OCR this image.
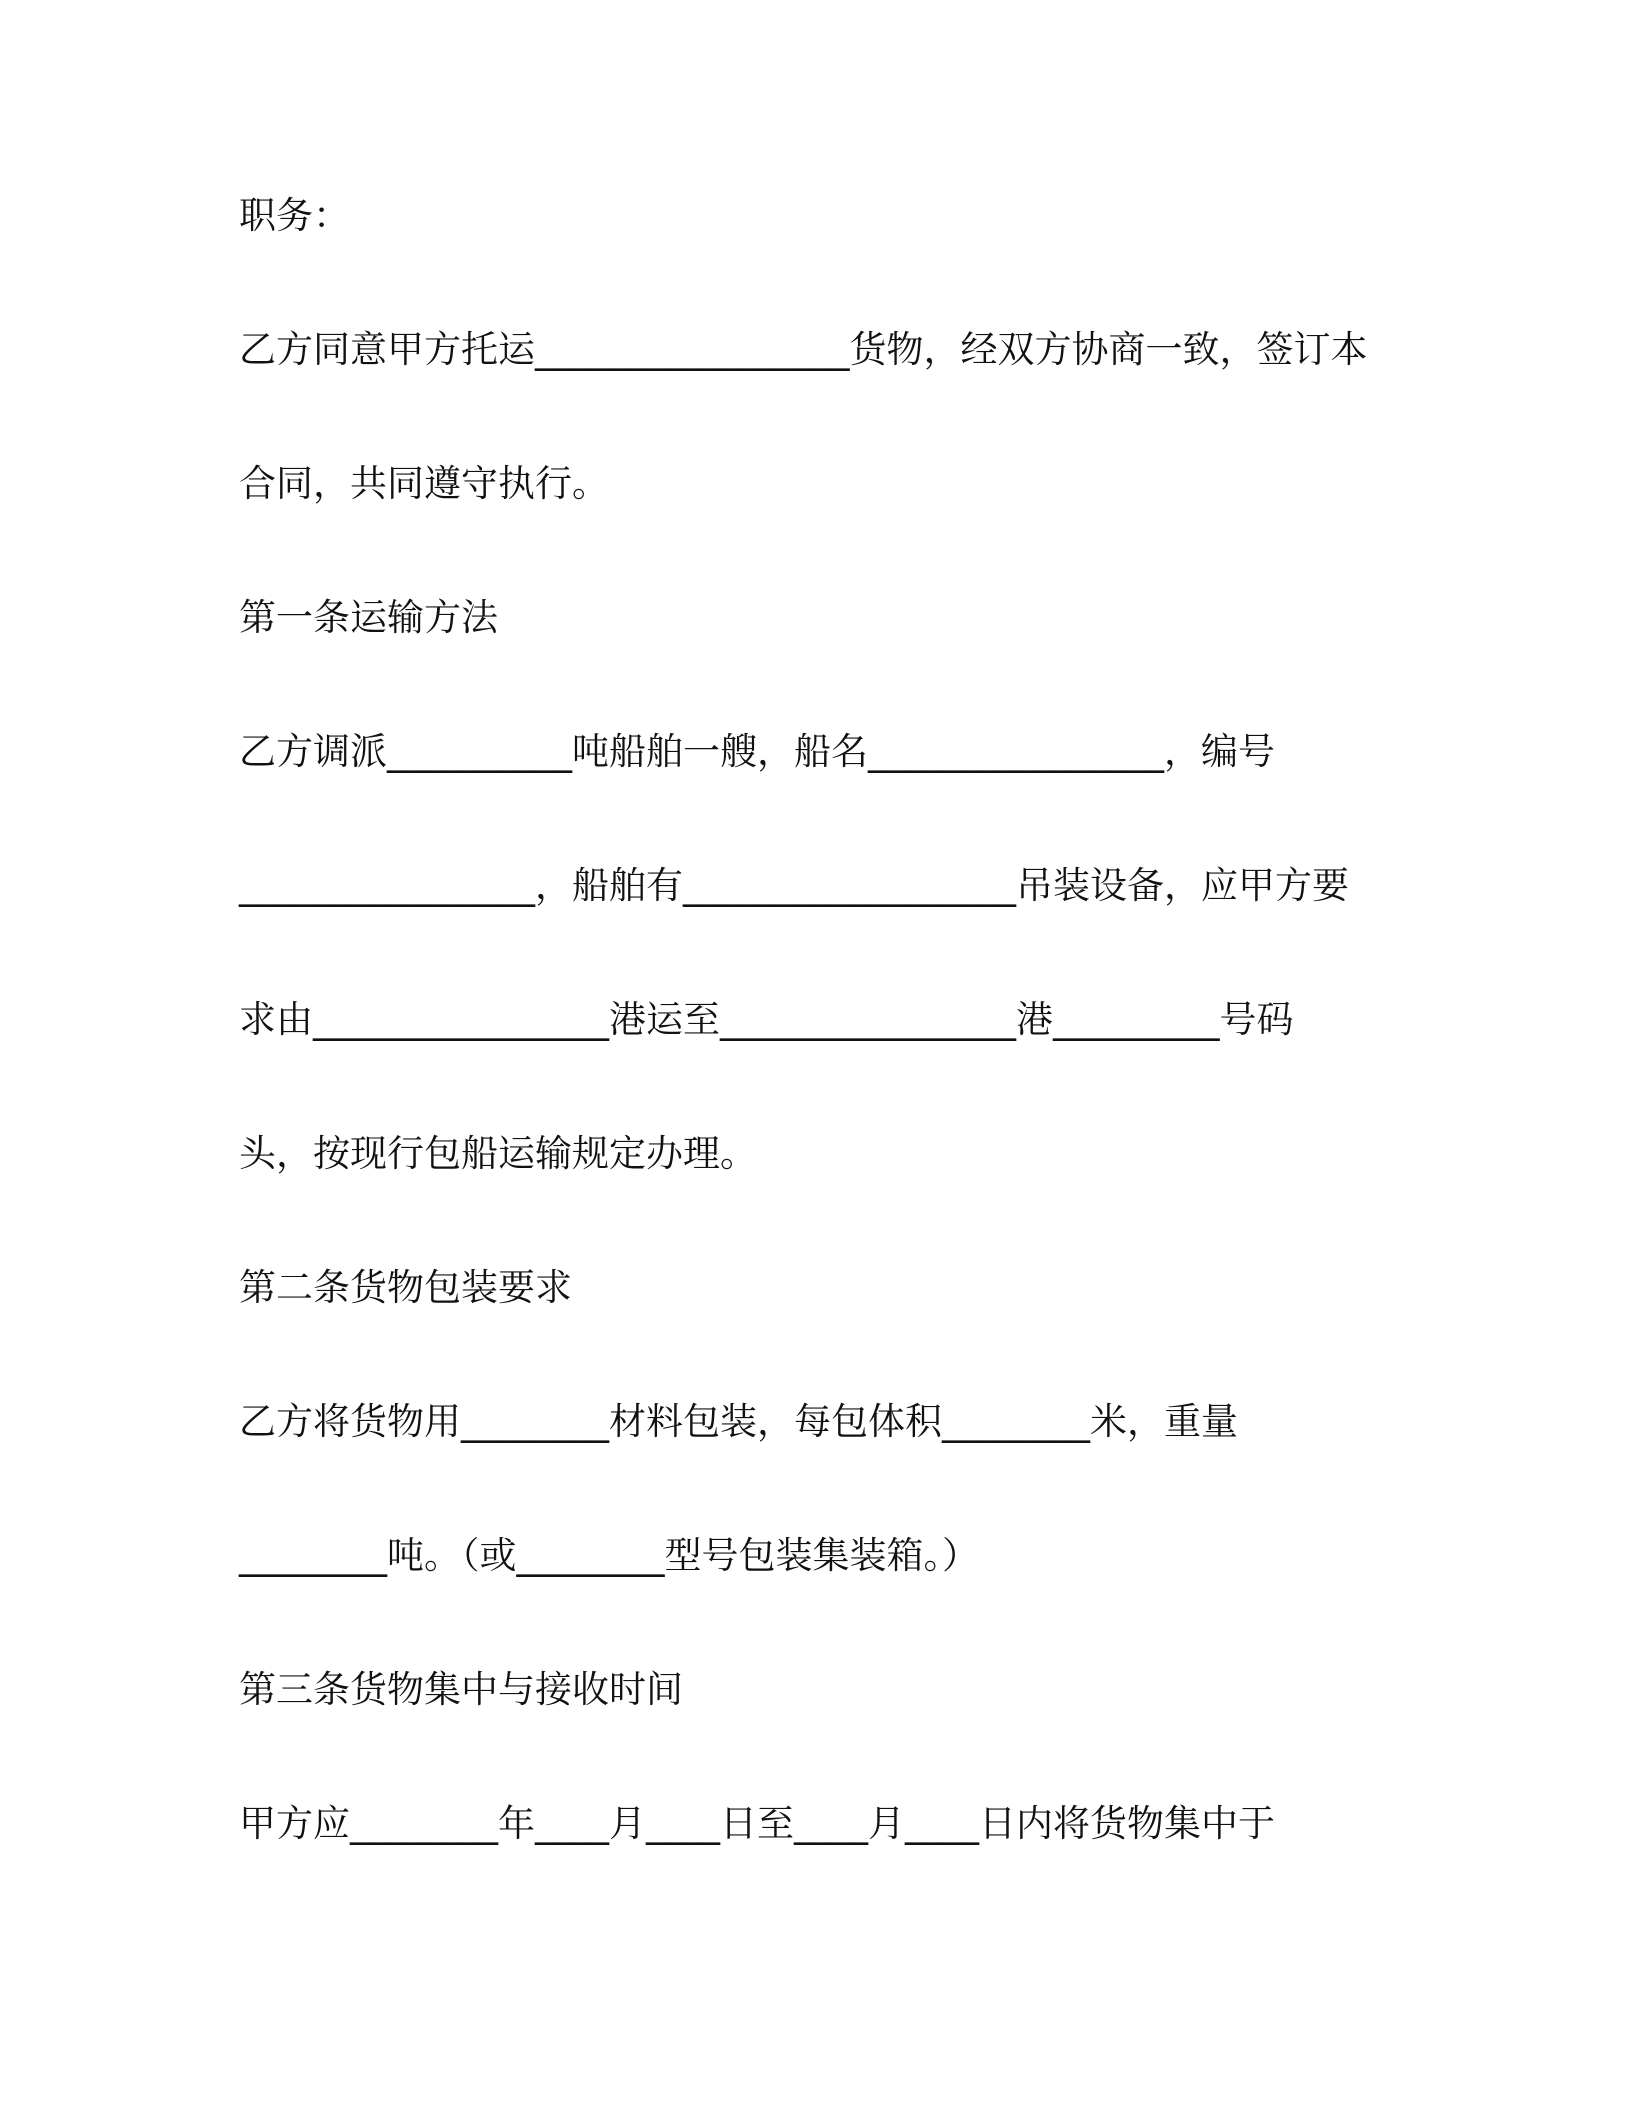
职务：

乙方同意甲方托运_________________货物，经双方协商一致，签订本

合同，共同遵守执行。

第一条运输方法

乙方调派__________吨船舶一艘，船名________________，编号

________________，船舶有__________________吊装设备，应甲方要

求由________________港运至________________港_________号码

头，按现行包船运输规定办理。

第二条货物包装要求

乙方将货物用________材料包装，每包体积________米，重量

________吨。（或________型号包装集装箱。）

第三条货物集中与接收时间

甲方应________年____月____日至____月____日内将货物集中于
